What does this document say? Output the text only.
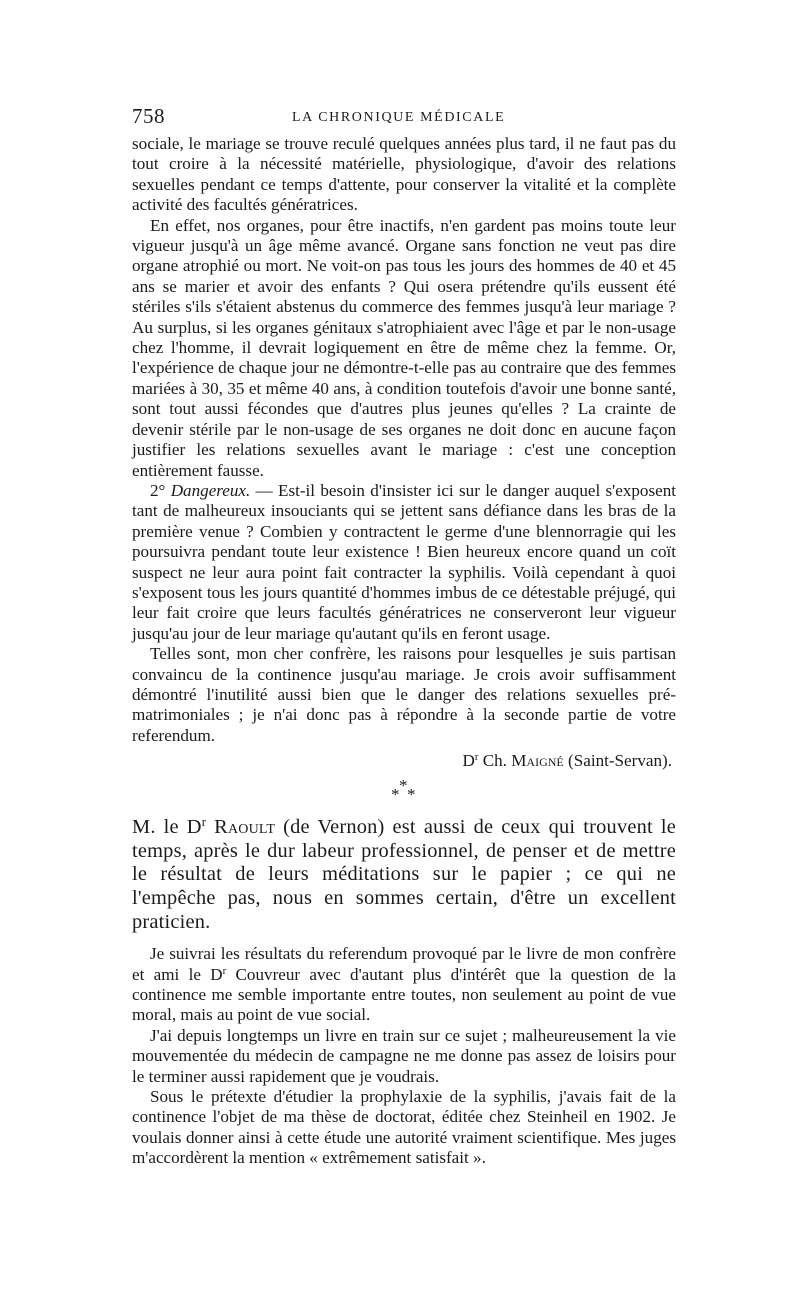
758	LA CHRONIQUE MÉDICALE

sociale, le mariage se trouve reculé quelques années plus tard, il ne faut pas du tout croire à la nécessité matérielle, physiologique, d'avoir des relations sexuelles pendant ce temps d'attente, pour conserver la vitalité et la complète activité des facultés génératrices.

En effet, nos organes, pour être inactifs, n'en gardent pas moins toute leur vigueur jusqu'à un âge même avancé. Organe sans fonction ne veut pas dire organe atrophié ou mort. Ne voit-on pas tous les jours des hommes de 40 et 45 ans se marier et avoir des enfants ? Qui osera prétendre qu'ils eussent été stériles s'ils s'étaient abstenus du commerce des femmes jusqu'à leur mariage ? Au surplus, si les organes génitaux s'atrophiaient avec l'âge et par le non-usage chez l'homme, il devrait logiquement en être de même chez la femme. Or, l'expérience de chaque jour ne démontre-t-elle pas au contraire que des femmes mariées à 30, 35 et même 40 ans, à condition toutefois d'avoir une bonne santé, sont tout aussi fécondes que d'autres plus jeunes qu'elles ? La crainte de devenir stérile par le non-usage de ses organes ne doit donc en aucune façon justifier les relations sexuelles avant le mariage : c'est une conception entièrement fausse.

2° Dangereux. — Est-il besoin d'insister ici sur le danger auquel s'exposent tant de malheureux insouciants qui se jettent sans défiance dans les bras de la première venue ? Combien y contractent le germe d'une blennorragie qui les poursuivra pendant toute leur existence ! Bien heureux encore quand un coït suspect ne leur aura point fait contracter la syphilis. Voilà cependant à quoi s'exposent tous les jours quantité d'hommes imbus de ce détestable préjugé, qui leur fait croire que leurs facultés génératrices ne conserveront leur vigueur jusqu'au jour de leur mariage qu'autant qu'ils en feront usage.

Telles sont, mon cher confrère, les raisons pour lesquelles je suis partisan convaincu de la continence jusqu'au mariage. Je crois avoir suffisamment démontré l'inutilité aussi bien que le danger des relations sexuelles pré-matrimoniales ; je n'ai donc pas à répondre à la seconde partie de votre referendum.

$D^r$ Ch. Maigné (Saint-Servan).
*
* *

M. le $D^r$ Raoult (de Vernon) est aussi de ceux qui trouvent le temps, après le dur labeur professionnel, de penser et de mettre le résultat de leurs méditations sur le papier ; ce qui ne l'empêche pas, nous en sommes certain, d'être un excellent praticien.

Je suivrai les résultats du referendum provoqué par le livre de mon confrère et ami le $D^r$ Couvreur avec d'autant plus d'intérêt que la question de la continence me semble importante entre toutes, non seulement au point de vue moral, mais au point de vue social.

J'ai depuis longtemps un livre en train sur ce sujet ; malheureusement la vie mouvementée du médecin de campagne ne me donne pas assez de loisirs pour le terminer aussi rapidement que je voudrais.

Sous le prétexte d'étudier la prophylaxie de la syphilis, j'avais fait de la continence l'objet de ma thèse de doctorat, éditée chez Steinheil en 1902. Je voulais donner ainsi à cette étude une autorité vraiment scientifique. Mes juges m'accordèrent la mention « extrêmement satisfait ».
